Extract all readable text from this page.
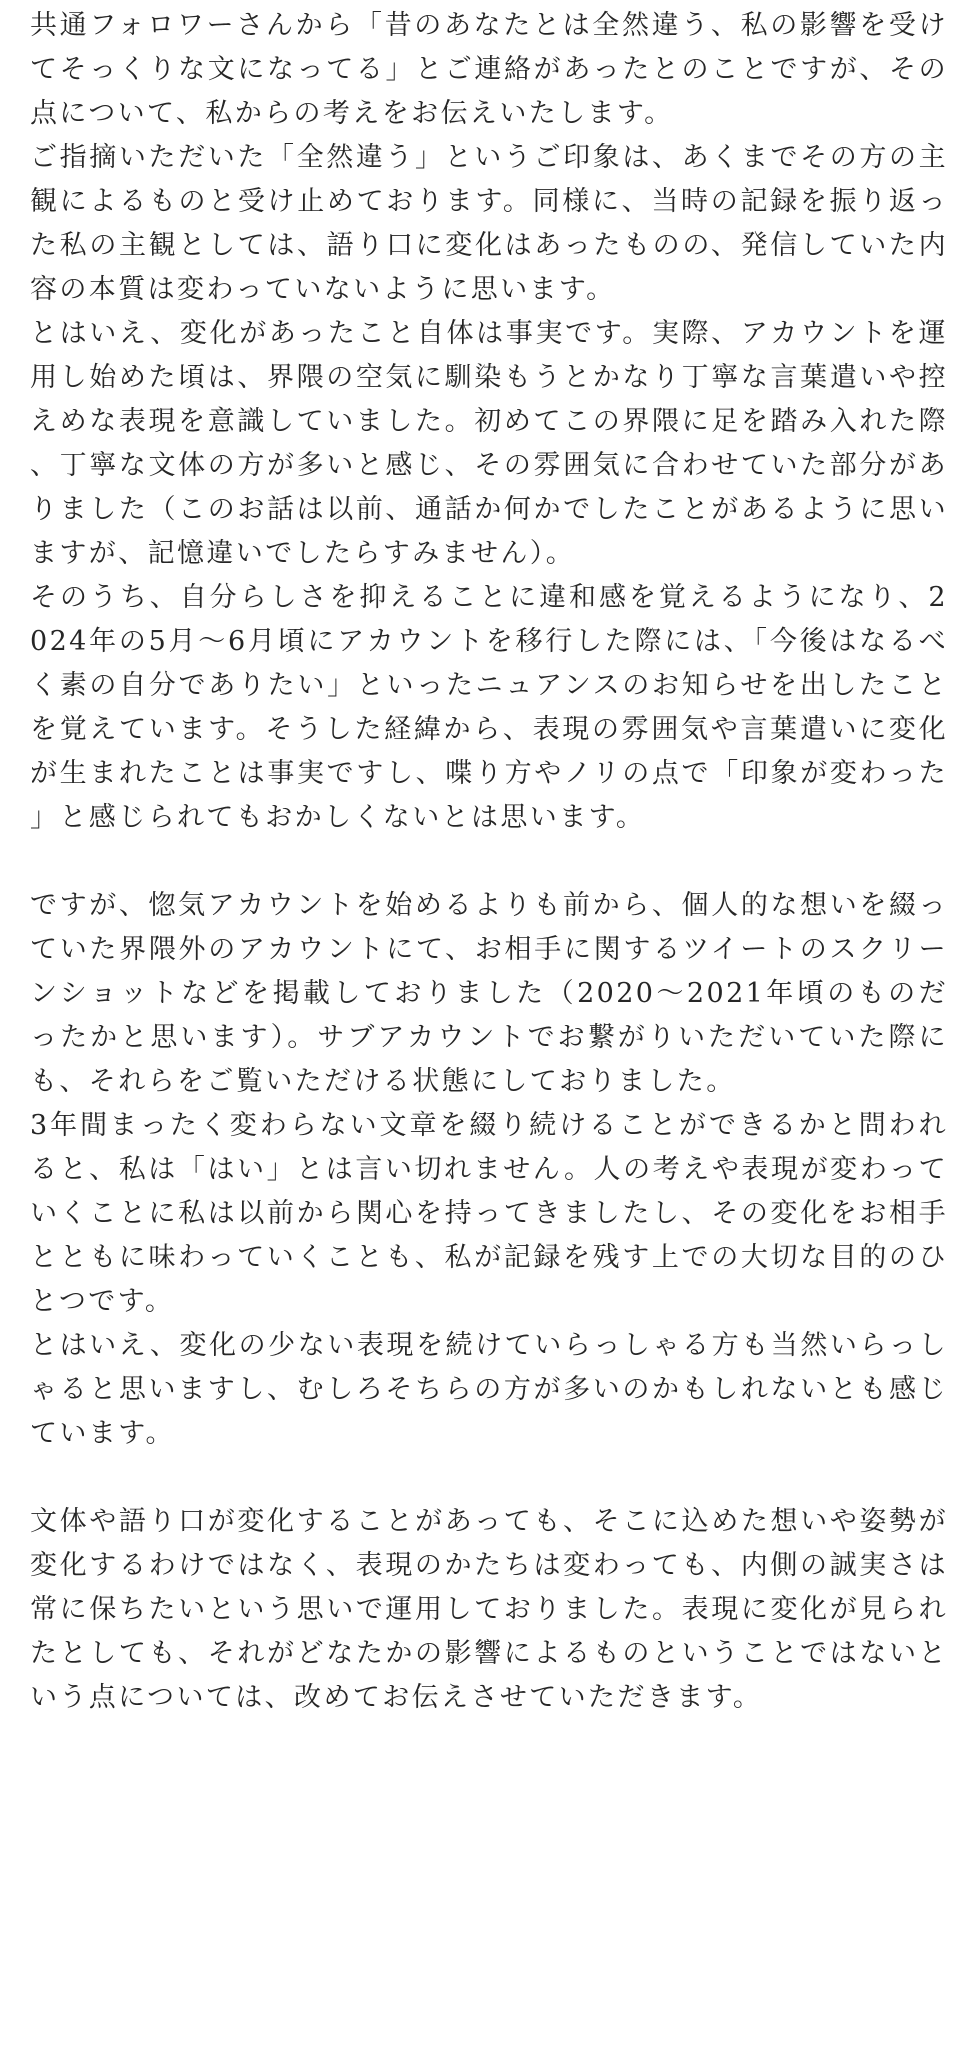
共通フォロワーさんから「昔のあなたとは全然違う、私の影響を受けてそっくりな文になってる」とご連絡があったとのことですが、その点について、私からの考えをお伝えいたします。

ご指摘いただいた「全然違う」というご印象は、あくまでその方の主観によるものと受け止めております。同様に、当時の記録を振り返った私の主観としては、語り口に変化はあったものの、発信していた内容の本質は変わっていないように思います。

とはいえ、変化があったこと自体は事実です。実際、アカウントを運用し始めた頃は、界隈の空気に馴染もうとかなり丁寧な言葉遣いや控えめな表現を意識していました。初めてこの界隈に足を踏み入れた際、丁寧な文体の方が多いと感じ、その雰囲気に合わせていた部分がありました（このお話は以前、通話か何かでしたことがあるように思いますが、記憶違いでしたらすみません）。

そのうち、自分らしさを抑えることに違和感を覚えるようになり、2024年の5月〜6月頃にアカウントを移行した際には、「今後はなるべく素の自分でありたい」といったニュアンスのお知らせを出したことを覚えています。そうした経緯から、表現の雰囲気や言葉遣いに変化が生まれたことは事実ですし、喋り方やノリの点で「印象が変わった」と感じられてもおかしくないとは思います。

ですが、惚気アカウントを始めるよりも前から、個人的な想いを綴っていた界隈外のアカウントにて、お相手に関するツイートのスクリーンショットなどを掲載しておりました（2020〜2021年頃のものだったかと思います）。サブアカウントでお繋がりいただいていた際にも、それらをご覧いただける状態にしておりました。

3年間まったく変わらない文章を綴り続けることができるかと問われると、私は「はい」とは言い切れません。人の考えや表現が変わっていくことに私は以前から関心を持ってきましたし、その変化をお相手とともに味わっていくことも、私が記録を残す上での大切な目的のひとつです。

とはいえ、変化の少ない表現を続けていらっしゃる方も当然いらっしゃると思いますし、むしろそちらの方が多いのかもしれないとも感じています。

文体や語り口が変化することがあっても、そこに込めた想いや姿勢が変化するわけではなく、表現のかたちは変わっても、内側の誠実さは常に保ちたいという思いで運用しておりました。表現に変化が見られたとしても、それがどなたかの影響によるものということではないという点については、改めてお伝えさせていただきます。
